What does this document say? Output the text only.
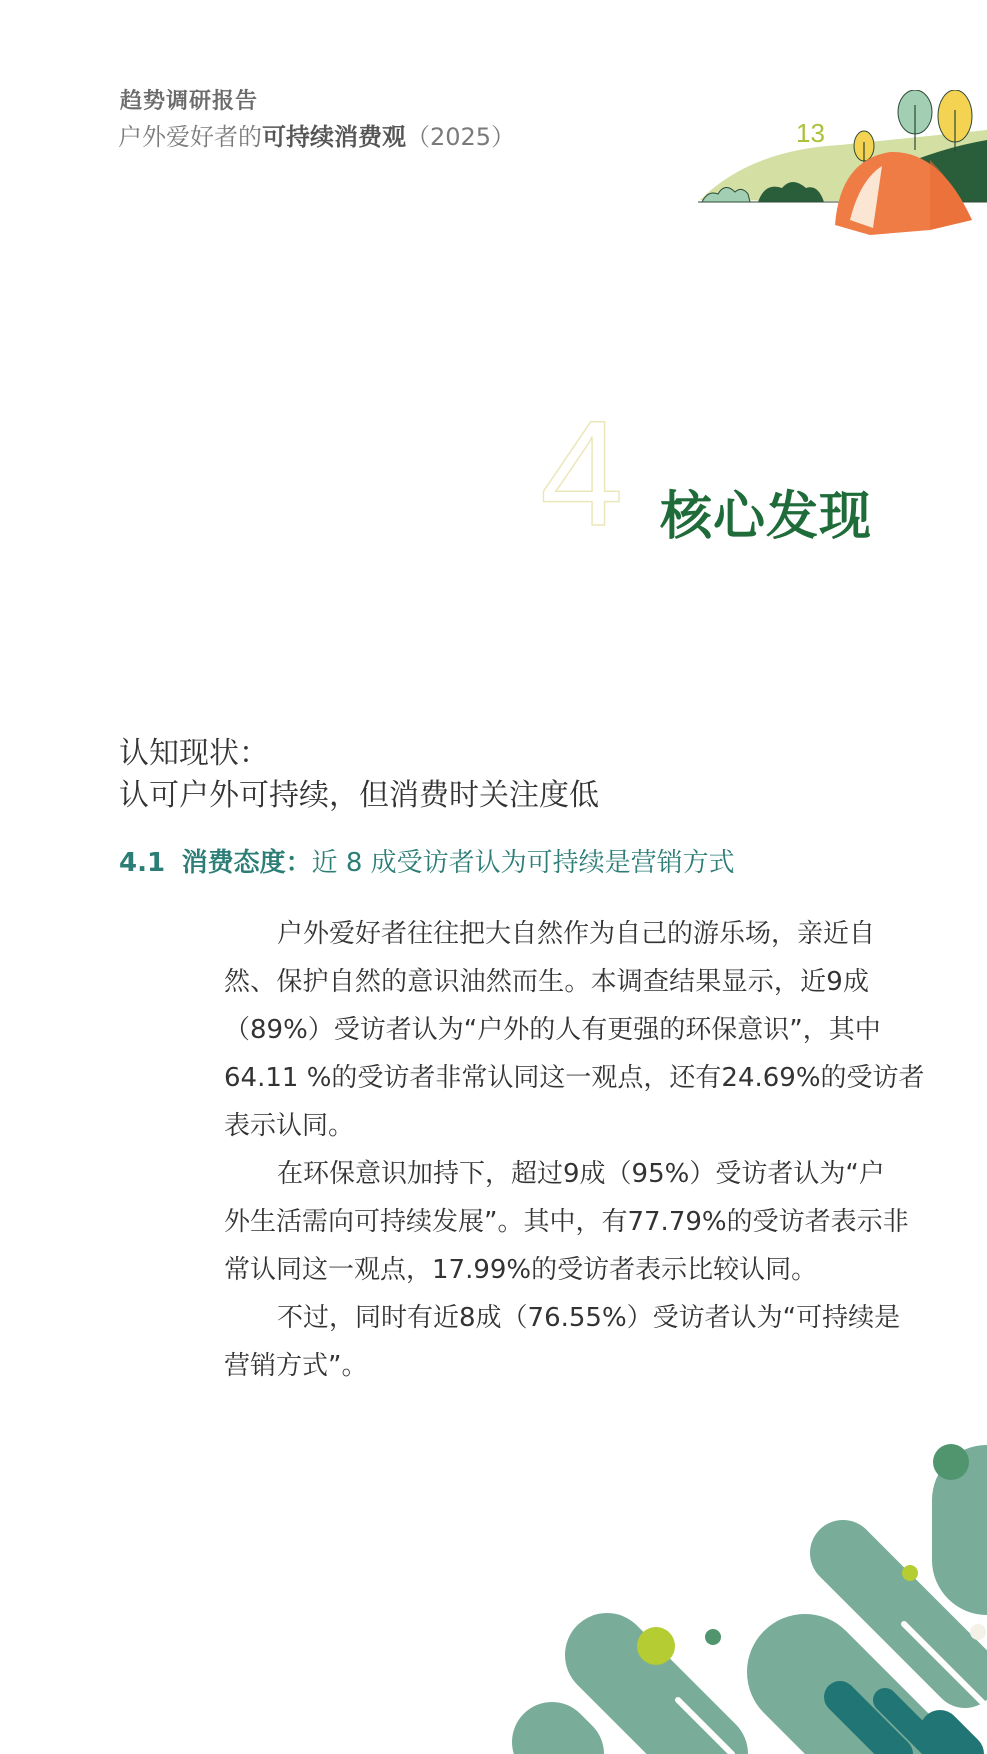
趋势调研报告
户外爱好者的可持续消费观（2025）	13
4 核心发现
认知现状：
认可户外可持续，但消费时关注度低
4.1 消费态度：近 8 成受访者认为可持续是营销方式
户外爱好者往往把大自然作为自己的游乐场，亲近自
然、保护自然的意识油然而生。本调查结果显示，近9成
（89%）受访者认为“户外的人有更强的环保意识”，其中
64.11 %的受访者非常认同这一观点，还有24.69%的受访者
表示认同。
在环保意识加持下，超过9成（95%）受访者认为“户
外生活需向可持续发展”。其中，有77.79%的受访者表示非
常认同这一观点，17.99%的受访者表示比较认同。
不过，同时有近8成（76.55%）受访者认为“可持续是
营销方式”。
